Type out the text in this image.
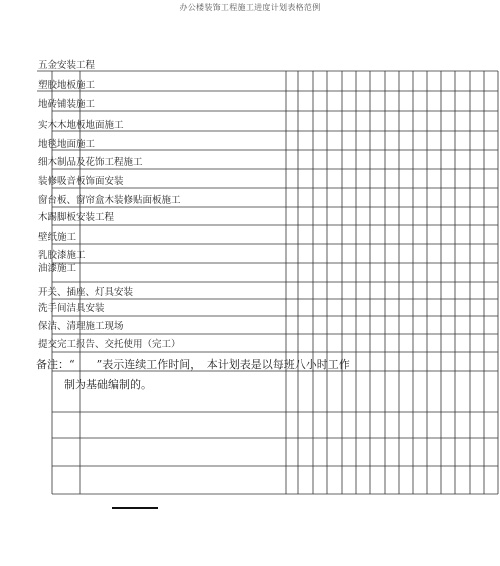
办公楼装饰工程施工进度计划表格范例
五金安装工程
塑胶地板施工
地砖铺装施工
实木木地板地面施工
地毯地面施工
细木制品及花饰工程施工
装修吸音板饰面安装
窗台板、窗帘盒木装修贴面板施工
木踢脚板安装工程
壁纸施工
乳胶漆施工
油漆施工
开关、插座、灯具安装
洗手间洁具安装
保洁、清理施工现场
提交完工报告、交托使用（完工）
备注：“　　”表示连续工作时间，　本计划表是以每班八小时工作
制为基础编制的。
